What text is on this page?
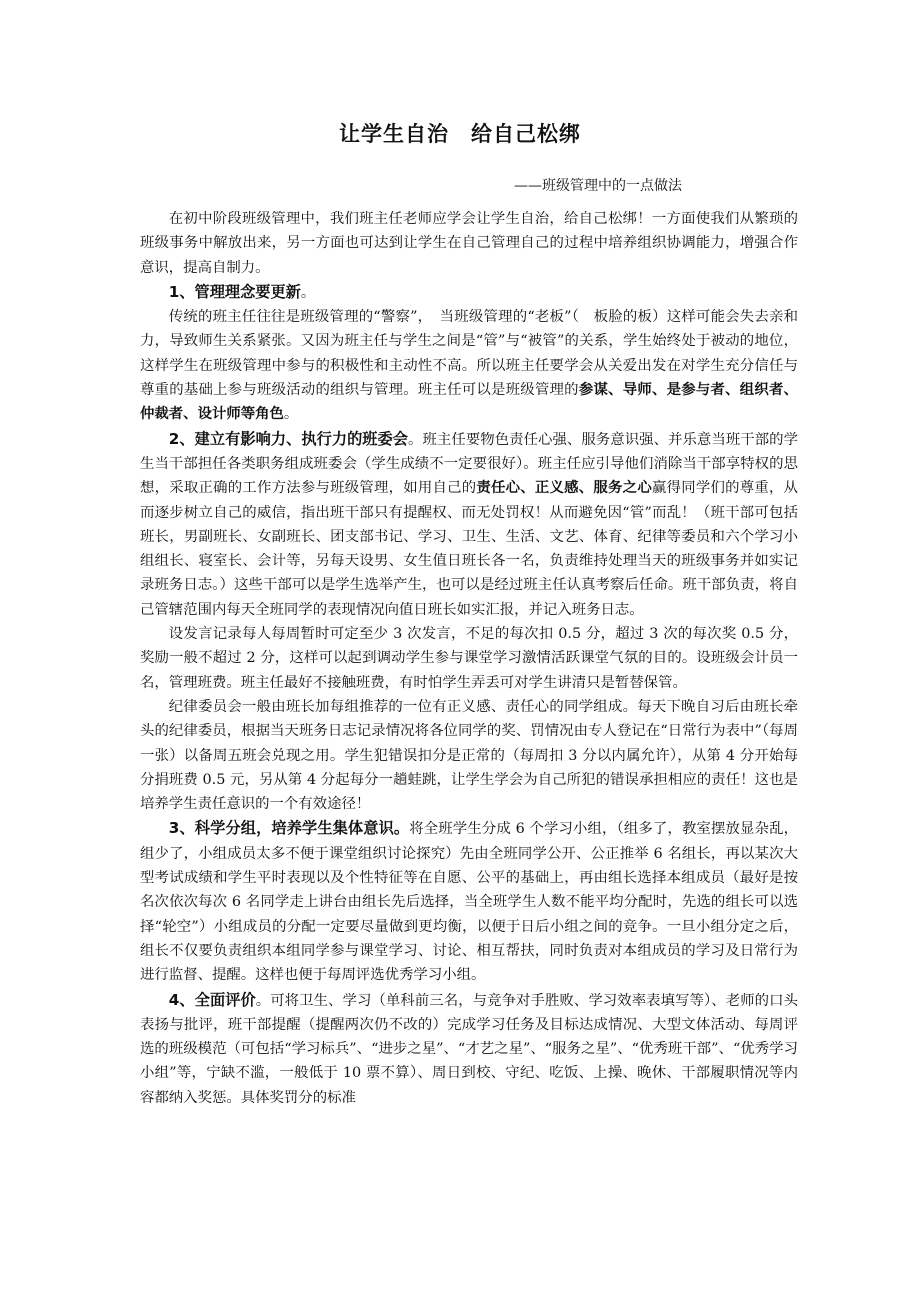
让学生自治　给自己松绑
——班级管理中的一点做法

在初中阶段班级管理中，我们班主任老师应学会让学生自治，给自己松绑！一方面使我们从繁琐的班级事务中解放出来，另一方面也可达到让学生在自己管理自己的过程中培养组织协调能力，增强合作意识，提高自制力。

1、管理理念要更新。

传统的班主任往往是班级管理的“警察”，　当班级管理的“老板”（　板脸的板）这样可能会失去亲和力，导致师生关系紧张。又因为班主任与学生之间是“管”与“被管”的关系，学生始终处于被动的地位，这样学生在班级管理中参与的积极性和主动性不高。所以班主任要学会从关爱出发在对学生充分信任与尊重的基础上参与班级活动的组织与管理。班主任可以是班级管理的参谋、导师、是参与者、组织者、仲裁者、设计师等角色。

2、建立有影响力、执行力的班委会。班主任要物色责任心强、服务意识强、并乐意当班干部的学生当干部担任各类职务组成班委会（学生成绩不一定要很好）。班主任应引导他们消除当干部享特权的思想，采取正确的工作方法参与班级管理，如用自己的责任心、正义感、服务之心赢得同学们的尊重，从而逐步树立自己的威信，指出班干部只有提醒权、而无处罚权！从而避免因“管”而乱！（班干部可包括班长，男副班长、女副班长、团支部书记、学习、卫生、生活、文艺、体育、纪律等委员和六个学习小组组长、寝室长、会计等，另每天设男、女生值日班长各一名，负责维持处理当天的班级事务并如实记录班务日志。）这些干部可以是学生选举产生，也可以是经过班主任认真考察后任命。班干部负责，将自己管辖范围内每天全班同学的表现情况向值日班长如实汇报，并记入班务日志。

设发言记录每人每周暂时可定至少 3 次发言，不足的每次扣 0.5 分，超过 3 次的每次奖 0.5 分，奖励一般不超过 2 分，这样可以起到调动学生参与课堂学习激情活跃课堂气氛的目的。设班级会计员一名，管理班费。班主任最好不接触班费，有时怕学生弄丢可对学生讲清只是暂替保管。

纪律委员会一般由班长加每组推荐的一位有正义感、责任心的同学组成。每天下晚自习后由班长牵头的纪律委员，根据当天班务日志记录情况将各位同学的奖、罚情况由专人登记在“日常行为表中”（每周一张）以备周五班会兑现之用。学生犯错误扣分是正常的（每周扣 3 分以内属允许），从第 4 分开始每分捐班费 0.5 元，另从第 4 分起每分一趟蛙跳，让学生学会为自己所犯的错误承担相应的责任！这也是培养学生责任意识的一个有效途径！

3、科学分组，培养学生集体意识。将全班学生分成 6 个学习小组，（组多了，教室摆放显杂乱，组少了，小组成员太多不便于课堂组织讨论探究）先由全班同学公开、公正推举 6 名组长，再以某次大型考试成绩和学生平时表现以及个性特征等在自愿、公平的基础上，再由组长选择本组成员（最好是按名次依次每次 6 名同学走上讲台由组长先后选择，当全班学生人数不能平均分配时，先选的组长可以选择“轮空”）小组成员的分配一定要尽量做到更均衡，以便于日后小组之间的竞争。一旦小组分定之后，组长不仅要负责组织本组同学参与课堂学习、讨论、相互帮扶，同时负责对本组成员的学习及日常行为进行监督、提醒。这样也便于每周评选优秀学习小组。

4、全面评价。可将卫生、学习（单科前三名，与竞争对手胜败、学习效率表填写等）、老师的口头表扬与批评，班干部提醒（提醒两次仍不改的）完成学习任务及目标达成情况、大型文体活动、每周评选的班级模范（可包括“学习标兵”、“进步之星”、“才艺之星”、“服务之星”、“优秀班干部”、“优秀学习小组”等，宁缺不滥，一般低于 10 票不算）、周日到校、守纪、吃饭、上操、晚休、干部履职情况等内容都纳入奖惩。具体奖罚分的标准
